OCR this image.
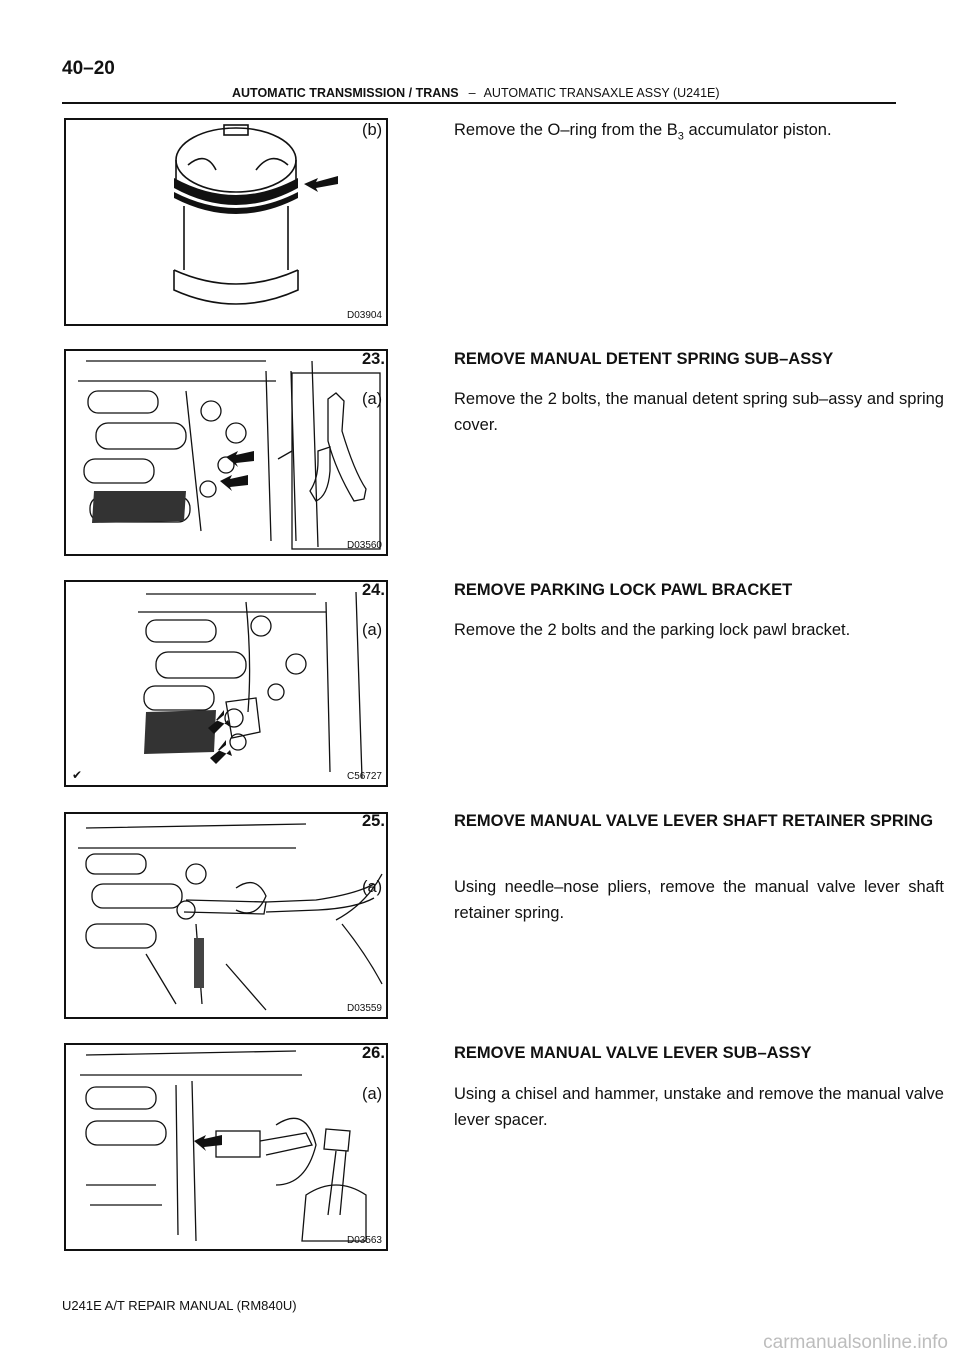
40–20
AUTOMATIC TRANSMISSION / TRANS – AUTOMATIC TRANSAXLE ASSY (U241E)
D03904
D03560
✔	C56727
D03559
D03563
(b)	Remove the O–ring from the $B_3$ accumulator piston.
23.	REMOVE MANUAL DETENT SPRING SUB–ASSY
(a)	Remove the 2 bolts, the manual detent spring sub–assy and spring cover.
24.	REMOVE PARKING LOCK PAWL BRACKET
(a)	Remove the 2 bolts and the parking lock pawl bracket.
25.	REMOVE MANUAL VALVE LEVER SHAFT RETAINER SPRING
(a)	Using needle–nose pliers, remove the manual valve lever shaft retainer spring.
26.	REMOVE MANUAL VALVE LEVER SUB–ASSY
(a)	Using a chisel and hammer, unstake and remove the manual valve lever spacer.
U241E A/T REPAIR MANUAL (RM840U)
carmanualsonline.info
